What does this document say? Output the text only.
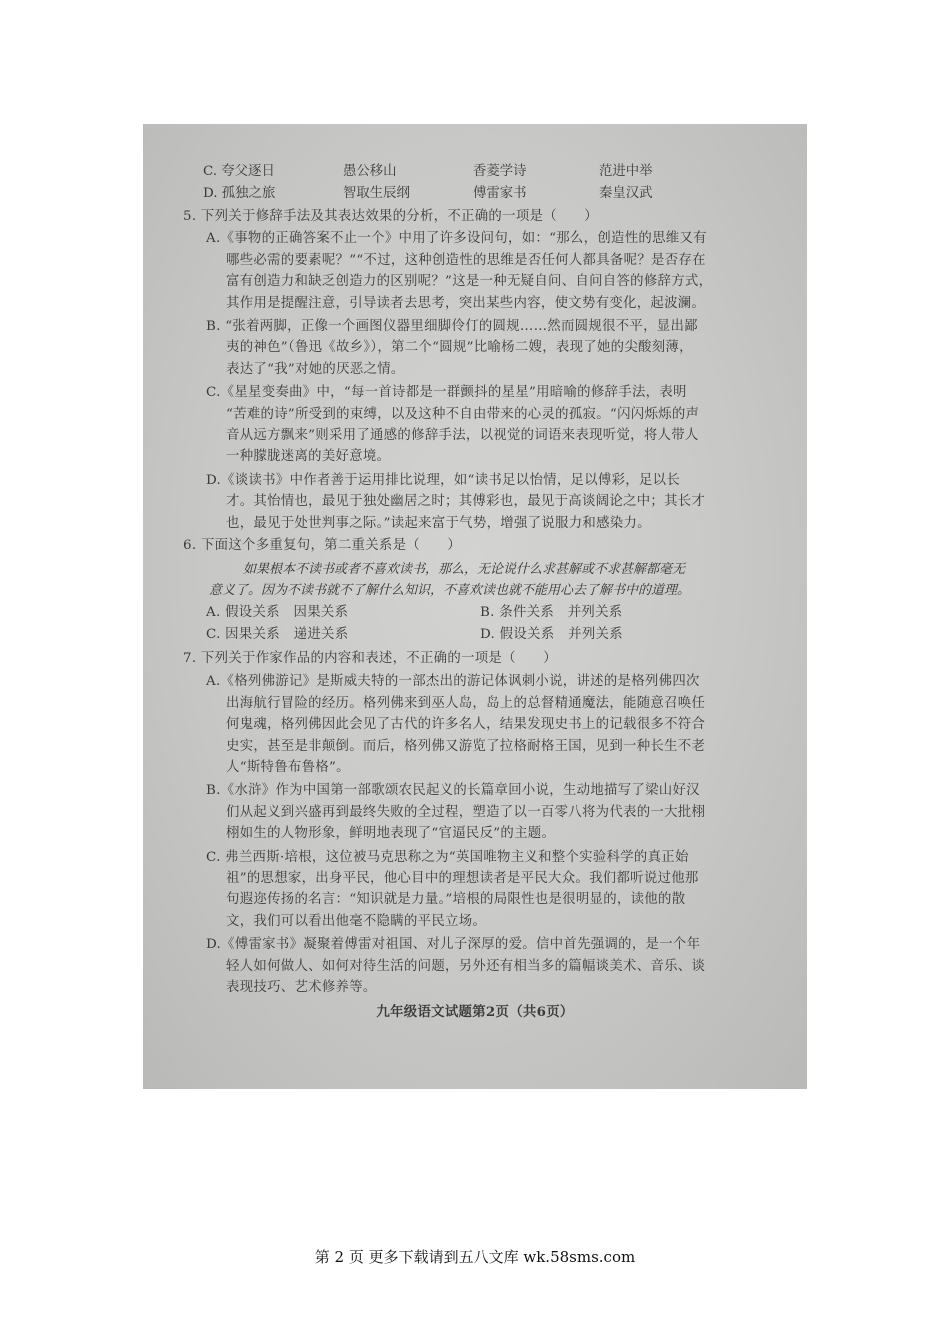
C. 夸父逐日	愚公移山	香菱学诗	范进中举
D. 孤独之旅	智取生辰纲	傅雷家书	秦皇汉武
5. 下列关于修辞手法及其表达效果的分析，不正确的一项是（　　）
A.《事物的正确答案不止一个》中用了许多设问句，如：“那么，创造性的思维又有
哪些必需的要素呢？”“不过，这种创造性的思维是否任何人都具备呢？是否存在
富有创造力和缺乏创造力的区别呢？”这是一种无疑自问、自问自答的修辞方式，
其作用是提醒注意，引导读者去思考，突出某些内容，使文势有变化，起波澜。
B. “张着两脚，正像一个画图仪器里细脚伶仃的圆规……然而圆规很不平，显出鄙
夷的神色”（鲁迅《故乡》），第二个“圆规”比喻杨二嫂，表现了她的尖酸刻薄，
表达了“我”对她的厌恶之情。
C.《星星变奏曲》中，“每一首诗都是一群颤抖的星星”用暗喻的修辞手法，表明
“苦难的诗”所受到的束缚，以及这种不自由带来的心灵的孤寂。“闪闪烁烁的声
音从远方飘来”则采用了通感的修辞手法，以视觉的词语来表现听觉，将人带人
一种朦胧迷离的美好意境。
D.《谈读书》中作者善于运用排比说理，如“读书足以怡情，足以傅彩，足以长
才。其怡情也，最见于独处幽居之时；其傅彩也，最见于高谈阔论之中；其长才
也，最见于处世判事之际。”读起来富于气势，增强了说服力和感染力。
6. 下面这个多重复句，第二重关系是（　　）
如果根本不读书或者不喜欢读书，那么，无论说什么求甚解或不求甚解都毫无
意义了。因为不读书就不了解什么知识，不喜欢读也就不能用心去了解书中的道理。
A. 假设关系　因果关系	B. 条件关系　并列关系
C. 因果关系　递进关系	D. 假设关系　并列关系
7. 下列关于作家作品的内容和表述，不正确的一项是（　　）
A.《格列佛游记》是斯威夫特的一部杰出的游记体讽刺小说，讲述的是格列佛四次
出海航行冒险的经历。格列佛来到巫人岛，岛上的总督精通魔法，能随意召唤任
何鬼魂，格列佛因此会见了古代的许多名人，结果发现史书上的记载很多不符合
史实，甚至是非颠倒。而后，格列佛又游览了拉格耐格王国，见到一种长生不老
人“斯特鲁布鲁格”。
B.《水浒》作为中国第一部歌颂农民起义的长篇章回小说，生动地描写了梁山好汉
们从起义到兴盛再到最终失败的全过程，塑造了以一百零八将为代表的一大批栩
栩如生的人物形象，鲜明地表现了“官逼民反”的主题。
C. 弗兰西斯·培根，这位被马克思称之为“英国唯物主义和整个实验科学的真正始
祖”的思想家，出身平民，他心目中的理想读者是平民大众。我们都听说过他那
句遐迩传扬的名言：“知识就是力量。”培根的局限性也是很明显的，读他的散
文，我们可以看出他毫不隐瞒的平民立场。
D.《傅雷家书》凝聚着傅雷对祖国、对儿子深厚的爱。信中首先强调的，是一个年
轻人如何做人、如何对待生活的问题，另外还有相当多的篇幅谈美术、音乐、谈
表现技巧、艺术修养等。
九年级语文试题第2页（共6页）
第 2 页 更多下载请到五八文库 wk.58sms.com
